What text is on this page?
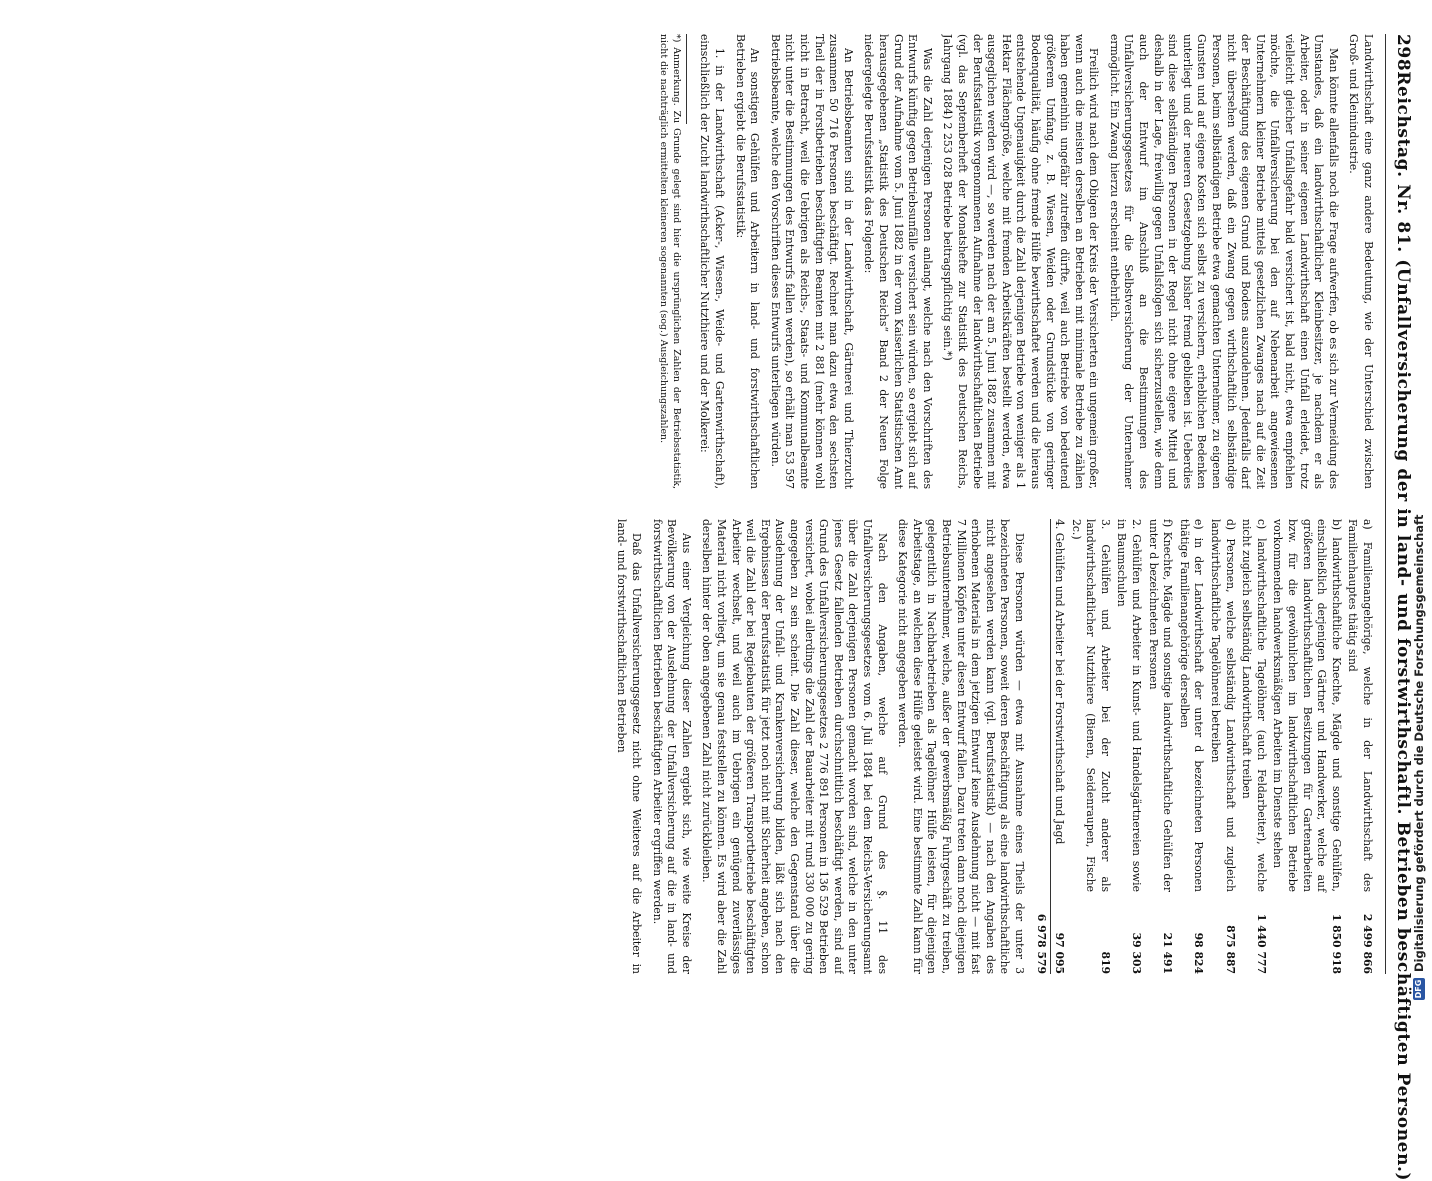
298
Reichstag. Nr. 81. (Unfallversicherung der in land- und forstwirthschaftl. Betrieben beschäftigten Personen.)

Landwirthschaft eine ganz andere Bedeutung, wie der Unterschied zwischen Groß- und Kleinindustrie.

Man könnte allenfalls noch die Frage aufwerfen, ob es sich zur Vermeidung des Umstandes, daß ein landwirthschaftlicher Kleinbesitzer, je nachdem er als Arbeiter, oder in seiner eigenen Landwirthschaft einen Unfall erleidet, trotz vielleicht gleicher Unfallsgefahr bald versichert ist, bald nicht, etwa empfehlen möchte, die Unfallversicherung bei den auf Nebenarbeit angewiesenen Unternehmern kleiner Betriebe mittels gesetzlichen Zwanges nach auf die Zeit der Beschäftigung des eigenen Grund und Bodens auszudehnen. Jedenfalls darf nicht übersehen werden, daß ein Zwang gegen wirthschaftlich selbständige Personen, beim selbständigen Betriebe etwa gemachten Unternehmer, zu eigenen Gunsten und auf eigene Kosten sich selbst zu versichern, erheblichen Bedenken unterliegt und der neueren Gesetzgebung bisher fremd geblieben ist. Ueberdies sind diese selbständigen Personen in der Regel nicht ohne eigene Mittel und deshalb in der Lage, freiwillig gegen Unfallsfolgen sich sicherzustellen, wie denn auch der Entwurf im Anschluß an die Bestimmungen des Unfallversicherungsgesetzes für die Selbstversicherung der Unternehmer ermöglicht. Ein Zwang hierzu erscheint entbehrlich.

Freilich wird nach dem Obigen der Kreis der Versicherten ein ungemein großer, wenn auch die meisten derselben an Betrieben mit minimale Betriebe zu zählen haben gemeinhin ungefähr zutreffen dürfte, weil auch Betriebe von bedeutend größerem Umfang, z. B. Wiesen, Weiden oder Grundstücke von geringer Bodenqualität, häufig ohne fremde Hülfe bewirthschaftet werden und die hieraus entstehende Ungenauigkeit durch die Zahl derjenigen Betriebe von weniger als 1 Hektar Flächengröße, welche mit fremden Arbeitskräften bestellt werden, etwa ausgeglichen werden wird —, so werden nach der am 5. Juni 1882 zusammen mit der Berufsstatistik vorgenommenen Aufnahme der landwirthschaftlichen Betriebe (vgl. das Septemberheft der Monatshefte zur Statistik des Deutschen Reichs, Jahrgang 1884) 2 253 028 Betriebe beitragspflichtig sein.*)

Was die Zahl derjenigen Personen anlangt, welche nach den Vorschriften des Entwurfs künftig gegen Betriebsunfälle versichert sein würden, so ergiebt sich auf Grund der Aufnahme vom 5. Juni 1882 in der vom Kaiserlichen Statistischen Amt herausgegebenen „Statistik des Deutschen Reichs“ Band 2 der Neuen Folge niedergelegte Berufsstatistik das Folgende:

An Betriebsbeamten sind in der Landwirthschaft, Gärtnerei und Thierzucht zusammen 50 716 Personen beschäftigt. Rechnet man dazu etwa den sechsten Theil der in Forstbetrieben beschäftigten Beamten mit 2 881 (mehr können wohl nicht in Betracht, weil die Uebrigen als Reichs-, Staats- und Kommunalbeamte nicht unter die Bestimmungen des Entwurfs fallen werden), so erhält man 53 597 Betriebsbeamte, welche den Vorschriften dieses Entwurfs unterliegen würden.

An sonstigen Gehülfen und Arbeitern in land- und forstwirthschaftlichen Betrieben ergiebt die Berufsstatistik:

1. in der Landwirthschaft (Acker-, Wiesen-, Weide- und Gartenwirthschaft), einschließlich der Zucht landwirthschaftlicher Nutzthiere und der Molkerei:

*) Anmerkung. Zu Grunde gelegt sind hier die ursprünglichen Zahlen der Betriebsstatistik, nicht die nachträglich ermittelten kleineren sogenannten (sog.) Ausgleichungszahlen.

a) Familienangehörige, welche in der Landwirthschaft des Familienhauptes thätig sind	2 499 866
b) landwirthschaftliche Knechte, Mägde und sonstige Gehülfen, einschließlich derjenigen Gärtner und Handwerker, welche auf größeren landwirthschaftlichen Besitzungen für Gartenarbeiten bzw. für die gewöhnlichen im landwirthschaftlichen Betriebe vorkommenden handwerksmäßigen Arbeiten im Dienste stehen	1 850 918
c) landwirthschaftliche Tagelöhner (auch Feldarbeiter), welche nicht zugleich selbständig Landwirthschaft treiben	1 440 777
d) Personen, welche selbständig Landwirthschaft und zugleich landwirthschaftliche Tagelöhnerei betreiben	875 887
e) in der Landwirthschaft der unter d bezeichneten Personen thätige Familienangehörige derselben	98 824
f) Knechte, Mägde und sonstige landwirthschaftliche Gehülfen der unter d bezeichneten Personen	21 491
2. Gehülfen und Arbeiter in Kunst- und Handelsgärtnereien sowie in Baumschulen	39 303
3. Gehülfen und Arbeiter bei der Zucht anderer als landwirthschaftlicher Nutzthiere (Bienen, Seidenraupen, Fische 2c.)	819
4. Gehülfen und Arbeiter bei der Forstwirthschaft und Jagd	97 095
	6 978 579

Diese Personen würden — etwa mit Ausnahme eines Theils der unter 3 bezeichneten Personen, soweit deren Beschäftigung als eine landwirthschaftliche nicht angesehen werden kann (vgl. Berufsstatistik) — nach den Angaben des erhobenen Materials in dem jetzigen Entwurf keine Ausdehnung nicht — mit fast 7 Millionen Köpfen unter diesen Entwurf fallen. Dazu treten dann noch diejenigen Betriebsunternehmer, welche, außer der gewerbsmäßig Fuhrgeschäft zu treiben, gelegentlich in Nachbarbetrieben als Tagelöhner Hülfe leisten, für diejenigen Arbeitstage, an welchen diese Hülfe geleistet wird. Eine bestimmte Zahl kann für diese Kategorie nicht angegeben werden.

Nach den Angaben, welche auf Grund des §. 11 des Unfallversicherungsgesetzes vom 6. Juli 1884 bei dem Reichs-Versicherungsamt über die Zahl derjenigen Personen gemacht worden sind, welche in den unter jenes Gesetz fallenden Betrieben durchschnittlich beschäftigt werden, sind auf Grund des Unfallversicherungsgesetzes 2 776 891 Personen in 136 529 Betrieben versichert, wobei allerdings die Zahl der Bauarbeiter mit rund 330 000 zu gering angegeben zu sein scheint. Die Zahl dieser, welche den Gegenstand über die Ausdehnung der Unfall- und Krankenversicherung bilden, läßt sich nach den Ergebnissen der Berufsstatistik für jetzt noch nicht mit Sicherheit angeben, schon weil die Zahl der bei Regiebauten der größeren Transportbetriebe beschäftigten Arbeiter wechselt, und weil auch im Uebrigen ein genügend zuverlässiges Material nicht vorliegt, um sie genau feststellen zu können. Es wird aber die Zahl derselben hinter der oben angegebenen Zahl nicht zurückbleiben.

Aus einer Vergleichung dieser Zahlen ergiebt sich, wie weite Kreise der Bevölkerung von der Ausdehnung der Unfallversicherung auf die in land- und forstwirthschaftlichen Betrieben beschäftigten Arbeiter ergriffen werden.

Daß das Unfallversicherungsgesetz nicht ohne Weiteres auf die Arbeiter in land- und forstwirthschaftlichen Betrieben

DFG
Digitalisierung gefördert durch die Deutsche Forschungsgemeinschaft
